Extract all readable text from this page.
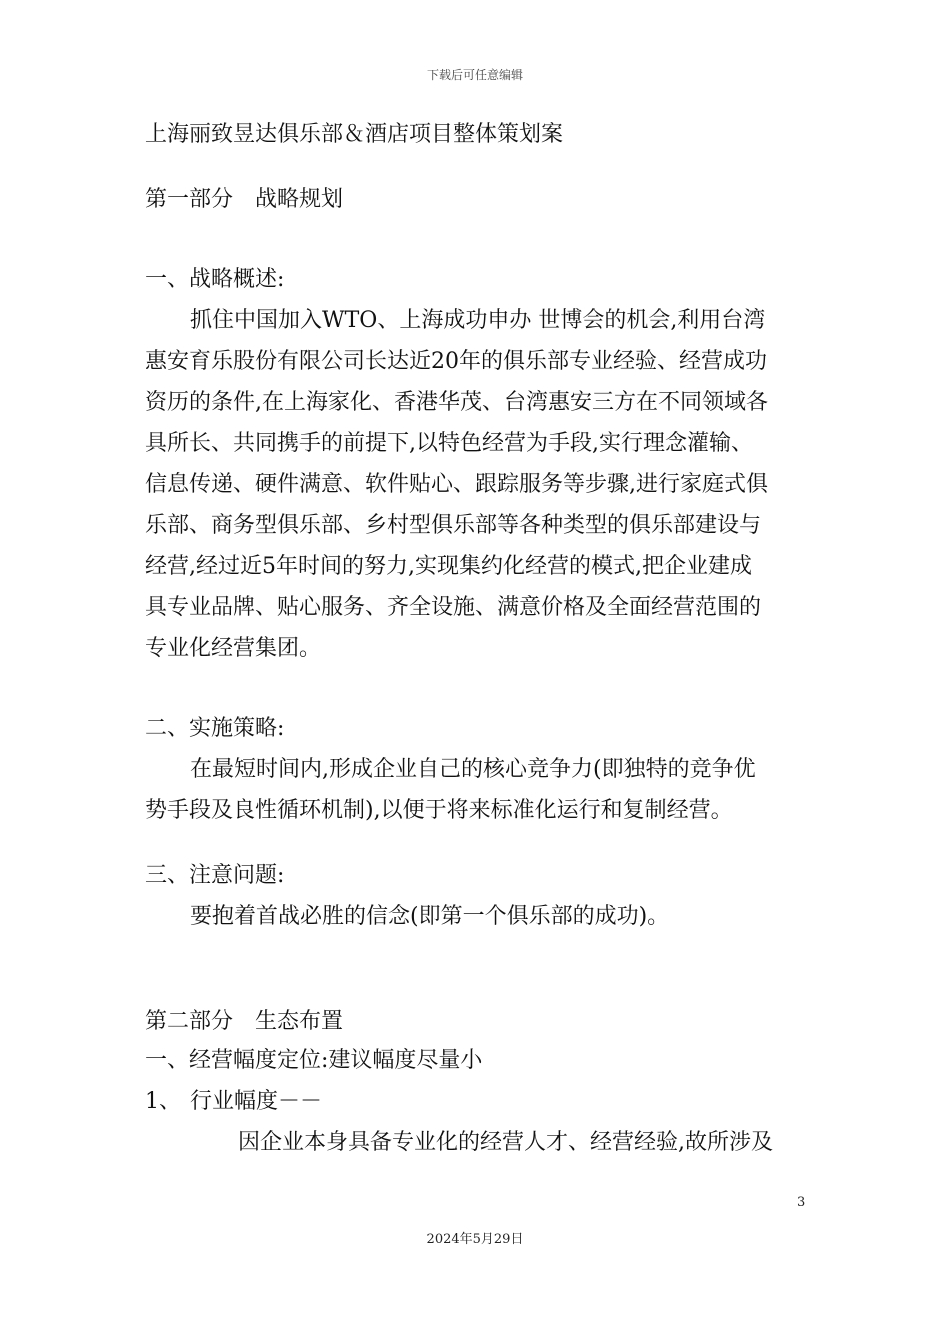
下载后可任意编辑
上海丽致昱达俱乐部＆酒店项目整体策划案
第一部分　战略规划
一、战略概述:
抓住中国加入WTO、上海成功申办 世博会的机会,利用台湾
惠安育乐股份有限公司长达近20年的俱乐部专业经验、经营成功
资历的条件,在上海家化、香港华茂、台湾惠安三方在不同领域各
具所长、共同携手的前提下,以特色经营为手段,实行理念灌输、
信息传递、硬件满意、软件贴心、跟踪服务等步骤,进行家庭式俱
乐部、商务型俱乐部、乡村型俱乐部等各种类型的俱乐部建设与
经营,经过近5年时间的努力,实现集约化经营的模式,把企业建成
具专业品牌、贴心服务、齐全设施、满意价格及全面经营范围的
专业化经营集团。
二、实施策略:
在最短时间内,形成企业自己的核心竞争力(即独特的竞争优
势手段及良性循环机制),以便于将来标准化运行和复制经营。
三、注意问题:
要抱着首战必胜的信念(即第一个俱乐部的成功)。
第二部分　生态布置
一、经营幅度定位:建议幅度尽量小
1、 行业幅度－－
因企业本身具备专业化的经营人才、经营经验,故所涉及
3
2024年5月29日
